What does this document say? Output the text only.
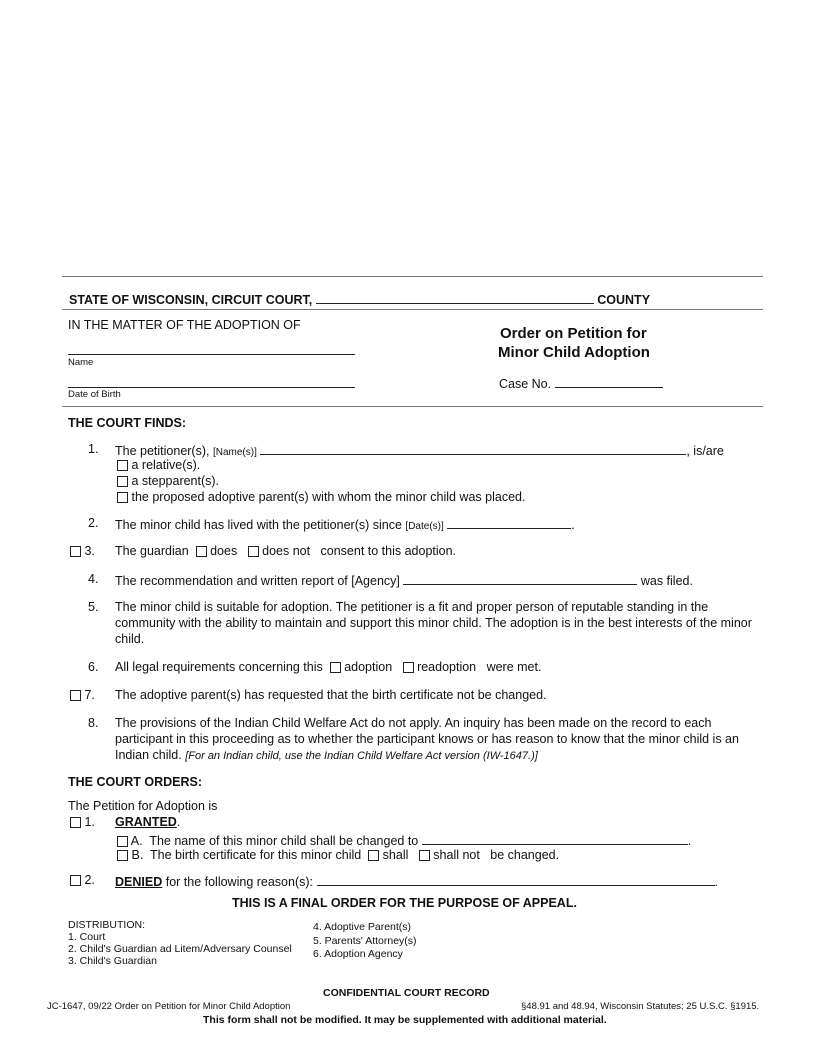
STATE OF WISCONSIN, CIRCUIT COURT,	COUNTY
IN THE MATTER OF THE ADOPTION OF
Name
Date of Birth
Order on Petition for
Minor Child Adoption
Case No.
THE COURT FINDS:
1. The petitioner(s), [Name(s)]	, is/are
a relative(s).
a stepparent(s).
the proposed adoptive parent(s) with whom the minor child was placed.
2. The minor child has lived with the petitioner(s) since [Date(s)]	.
3. The guardian does does not consent to this adoption.
4. The recommendation and written report of [Agency]	was filed.
5. The minor child is suitable for adoption. The petitioner is a fit and proper person of reputable standing in the community with the ability to maintain and support this minor child. The adoption is in the best interests of the minor child.
6. All legal requirements concerning this adoption readoption were met.
7. The adoptive parent(s) has requested that the birth certificate not be changed.
8. The provisions of the Indian Child Welfare Act do not apply. An inquiry has been made on the record to each participant in this proceeding as to whether the participant knows or has reason to know that the minor child is an Indian child. [For an Indian child, use the Indian Child Welfare Act version (IW-1647.)]
THE COURT ORDERS:
The Petition for Adoption is
1. GRANTED.
A. The name of this minor child shall be changed to	.
B. The birth certificate for this minor child shall shall not be changed.
2. DENIED for the following reason(s):	.
THIS IS A FINAL ORDER FOR THE PURPOSE OF APPEAL.
DISTRIBUTION:
1. Court
2. Child's Guardian ad Litem/Adversary Counsel
3. Child's Guardian
4. Adoptive Parent(s)
5. Parents' Attorney(s)
6. Adoption Agency
CONFIDENTIAL COURT RECORD
JC-1647, 09/22 Order on Petition for Minor Child Adoption	§48.91 and 48.94, Wisconsin Statutes; 25 U.S.C. §1915.
This form shall not be modified. It may be supplemented with additional material.
